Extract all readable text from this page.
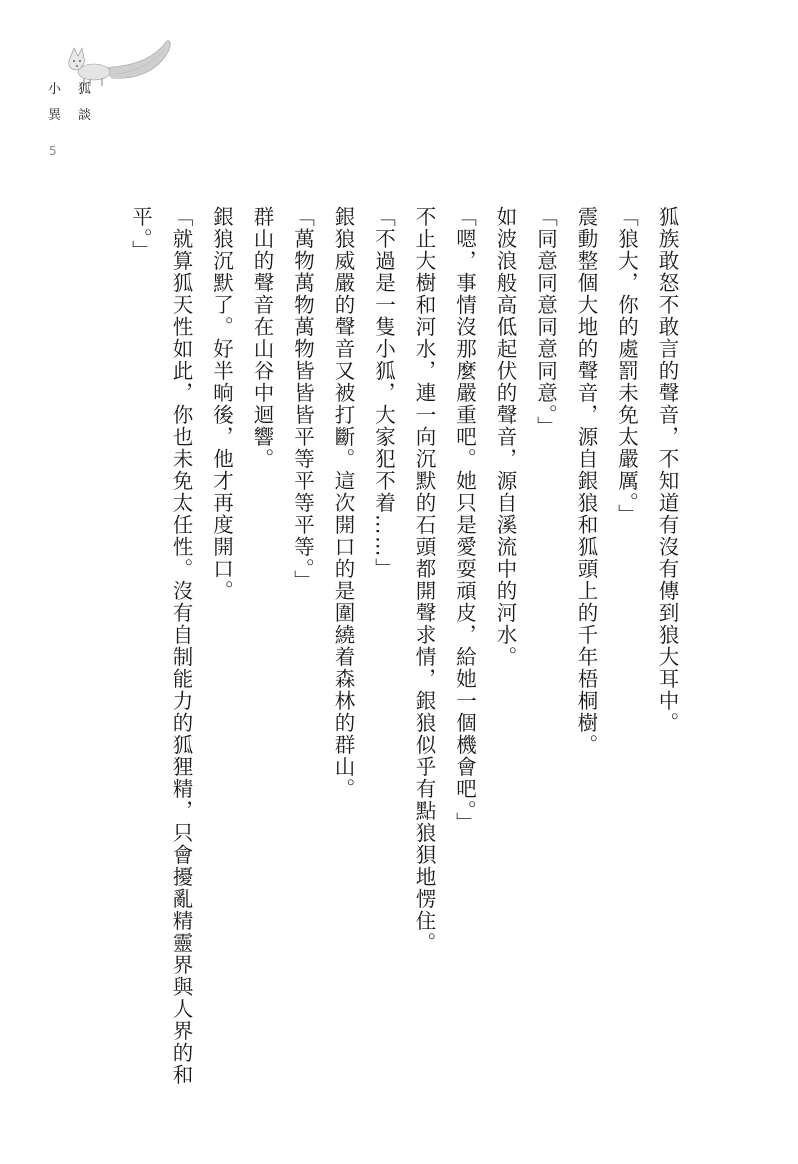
小 狐
異 談
5

狐族敢怒不敢言的聲音，不知道有沒有傳到狼大耳中。

「狼大，你的處罰未免太嚴厲。」

震動整個大地的聲音，源自銀狼和狐頭上的千年梧桐樹。

「同意同意同意同意。」

如波浪般高低起伏的聲音，源自溪流中的河水。

「嗯，事情沒那麼嚴重吧。她只是愛耍頑皮，給她一個機會吧。」

不止大樹和河水，連一向沉默的石頭都開聲求情，銀狼似乎有點狼狽地愣住。

「不過是一隻小狐，大家犯不着……」

銀狼威嚴的聲音又被打斷。這次開口的是圍繞着森林的群山。

「萬物萬物萬物皆皆皆平等平等平等。」

群山的聲音在山谷中迴響。

銀狼沉默了。好半晌後，他才再度開口。

「就算狐天性如此，你也未免太任性。沒有自制能力的狐狸精，只會擾亂精靈界與人界的和平。」
